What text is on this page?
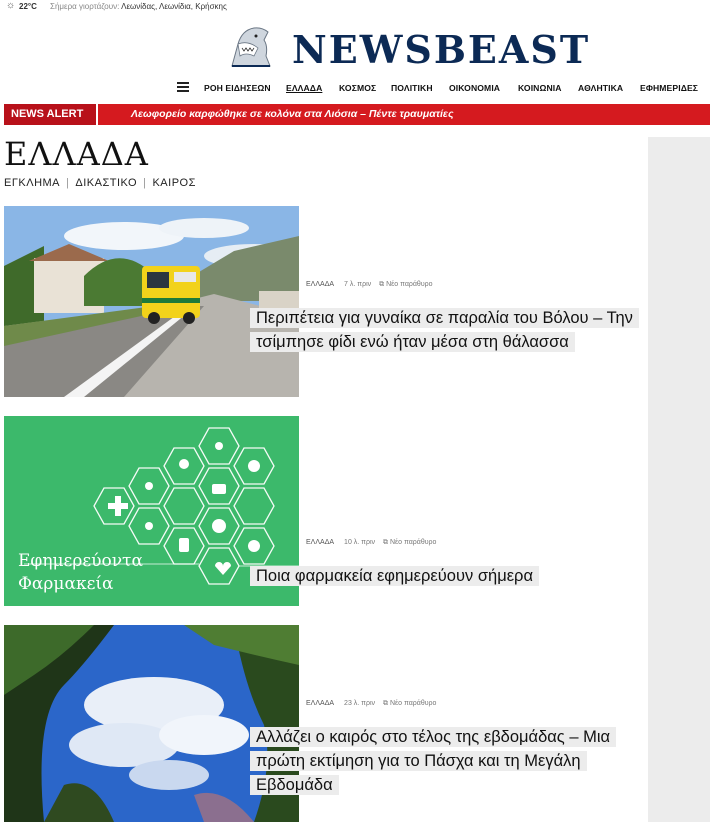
☼ 22°C Σήμερα γιορτάζουν: Λεωνίδας, Λεωνίδια, Κρήσκης
NEWSBEAST
ΡΟΗ ΕΙΔΗΣΕΩΝ ΕΛΛΑΔΑ ΚΟΣΜΟΣ ΠΟΛΙΤΙΚΗ ΟΙΚΟΝΟΜΙΑ ΚΟΙΝΩΝΙΑ ΑΘΛΗΤΙΚΑ ΕΦΗΜΕΡΙΔΕΣ
NEWS ALERT	Λεωφορείο καρφώθηκε σε κολόνα στα Λιόσια – Πέντε τραυματίες
ΕΛΛΑΔΑ
ΕΓΚΛΗΜΑ | ΔΙΚΑΣΤΙΚΟ | ΚΑΙΡΟΣ
ΕΛΛΑΔΑ 7 λ. πριν ⧉ Νέο παράθυρο
Περιπέτεια για γυναίκα σε παραλία του Βόλου – Την τσίμπησε φίδι ενώ ήταν μέσα στη θάλασσα
Εφημερεύοντα
Φαρμακεία
ΕΛΛΑΔΑ 10 λ. πριν ⧉ Νέο παράθυρο
Ποια φαρμακεία εφημερεύουν σήμερα
ΕΛΛΑΔΑ 23 λ. πριν ⧉ Νέο παράθυρο
Αλλάζει ο καιρός στο τέλος της εβδομάδας – Μια πρώτη εκτίμηση για το Πάσχα και τη Μεγάλη Εβδομάδα
